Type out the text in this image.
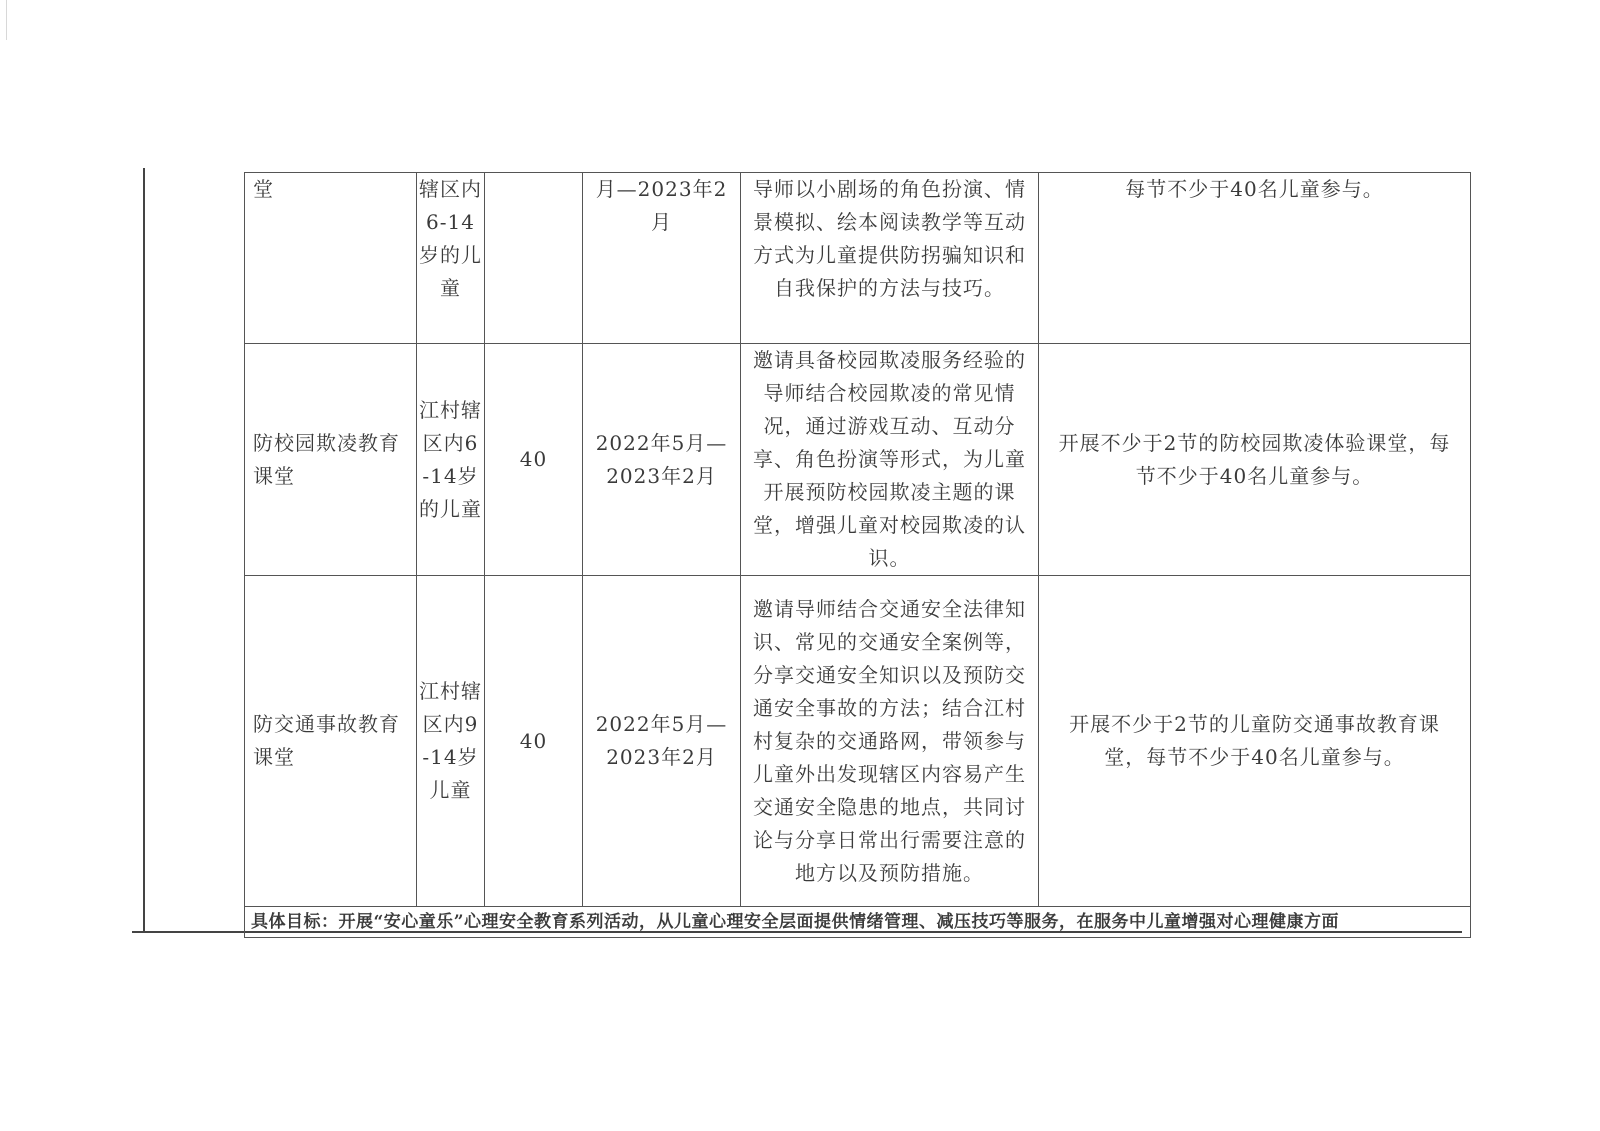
堂	辖区内6-14岁的儿童		月—2023年2月	导师以小剧场的角色扮演、情景模拟、绘本阅读教学等互动方式为儿童提供防拐骗知识和自我保护的方法与技巧。	每节不少于40名儿童参与。
防校园欺凌教育课堂	江村辖区内6-14岁的儿童	40	2022年5月—2023年2月	邀请具备校园欺凌服务经验的导师结合校园欺凌的常见情况，通过游戏互动、互动分享、角色扮演等形式，为儿童开展预防校园欺凌主题的课堂，增强儿童对校园欺凌的认识。	开展不少于2节的防校园欺凌体验课堂，每节不少于40名儿童参与。
防交通事故教育课堂	江村辖区内9-14岁儿童	40	2022年5月—2023年2月	邀请导师结合交通安全法律知识、常见的交通安全案例等，分享交通安全知识以及预防交通安全事故的方法；结合江村村复杂的交通路网，带领参与儿童外出发现辖区内容易产生交通安全隐患的地点，共同讨论与分享日常出行需要注意的地方以及预防措施。	开展不少于2节的儿童防交通事故教育课堂，每节不少于40名儿童参与。
具体目标：开展“安心童乐”心理安全教育系列活动，从儿童心理安全层面提供情绪管理、减压技巧等服务，在服务中儿童增强对心理健康方面					
